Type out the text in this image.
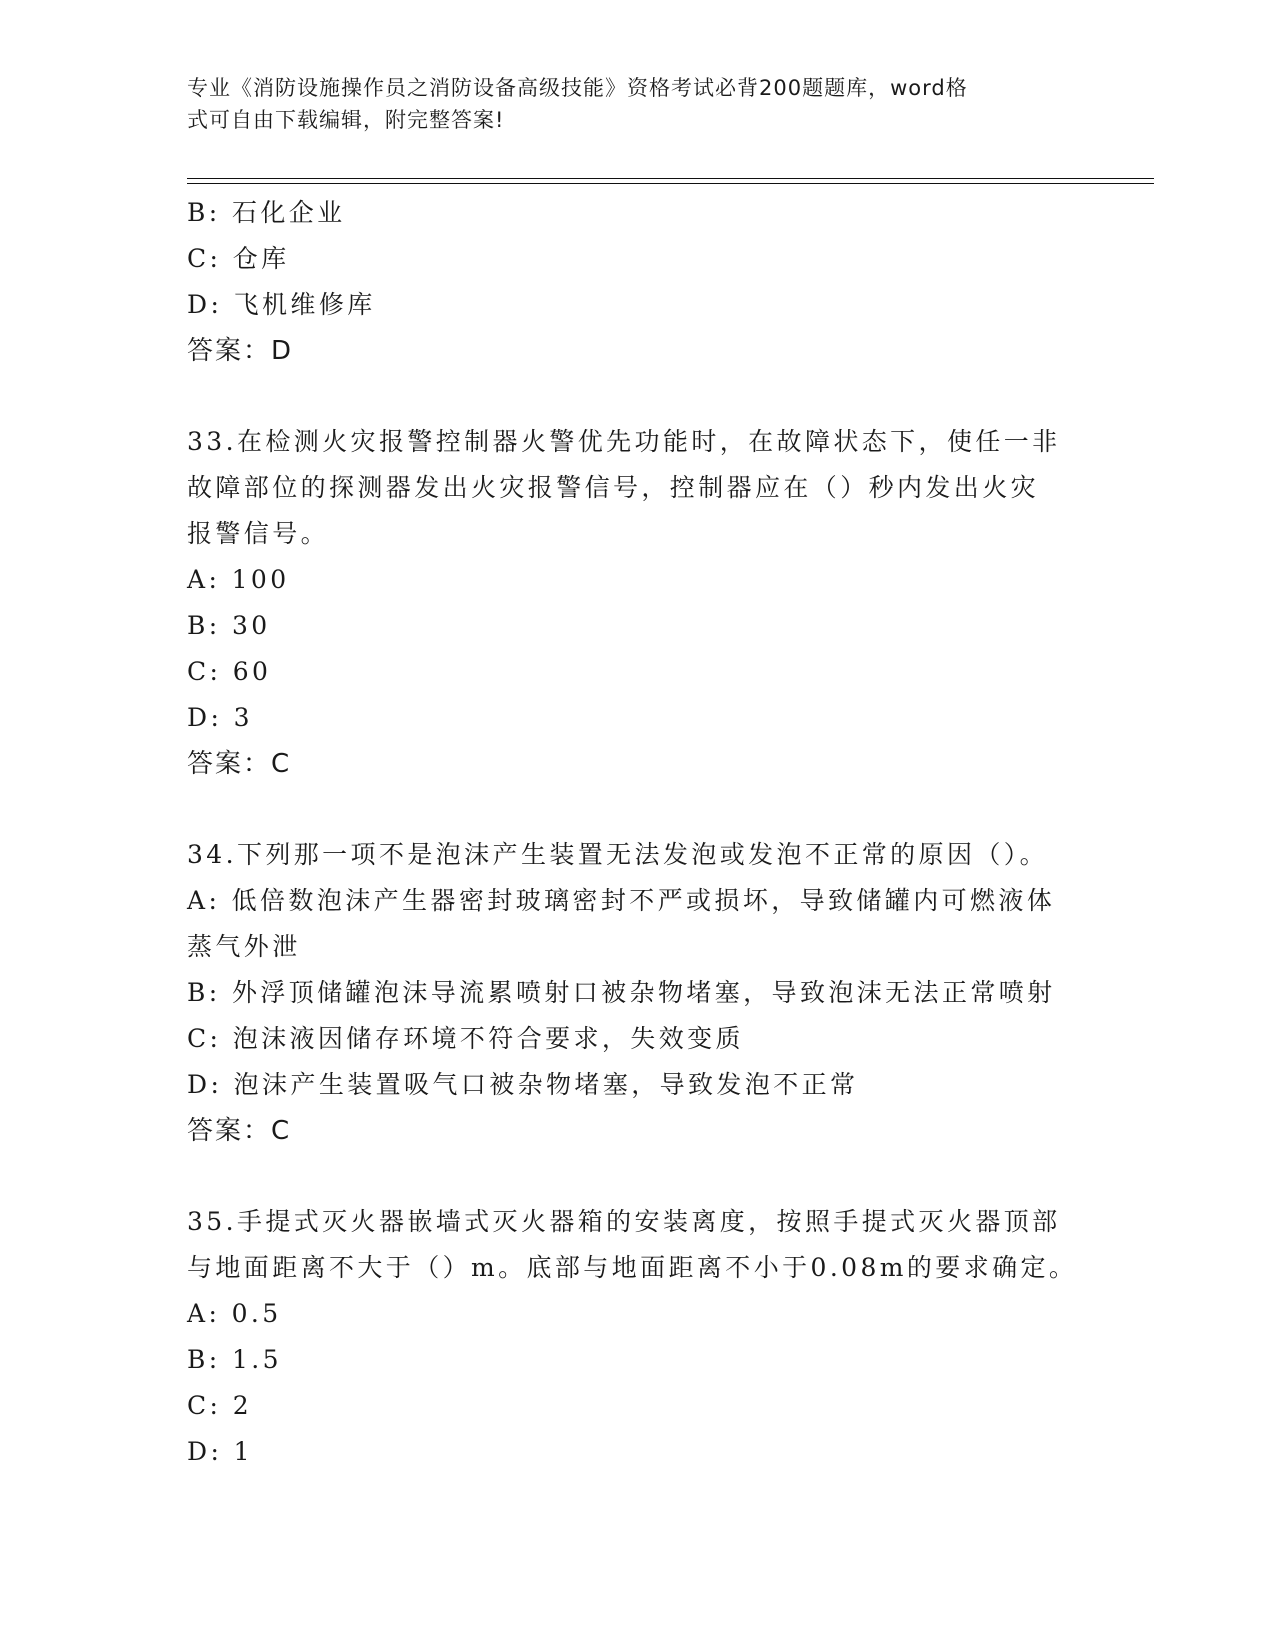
专业《消防设施操作员之消防设备高级技能》资格考试必背200题题库，word格
式可自由下载编辑，附完整答案!
B: 石化企业
C: 仓库
D: 飞机维修库
答案：D
33.在检测火灾报警控制器火警优先功能时，在故障状态下，使任一非
故障部位的探测器发出火灾报警信号，控制器应在（）秒内发出火灾
报警信号。
A: 100
B: 30
C: 60
D: 3
答案：C
34.下列那一项不是泡沫产生装置无法发泡或发泡不正常的原因（）。
A: 低倍数泡沫产生器密封玻璃密封不严或损坏，导致储罐内可燃液体
蒸气外泄
B: 外浮顶储罐泡沫导流累喷射口被杂物堵塞，导致泡沫无法正常喷射
C: 泡沫液因储存环境不符合要求，失效变质
D: 泡沫产生装置吸气口被杂物堵塞，导致发泡不正常
答案：C
35.手提式灭火器嵌墙式灭火器箱的安装离度，按照手提式灭火器顶部
与地面距离不大于（）m。底部与地面距离不小于0.08m的要求确定。
A: 0.5
B: 1.5
C: 2
D: 1
